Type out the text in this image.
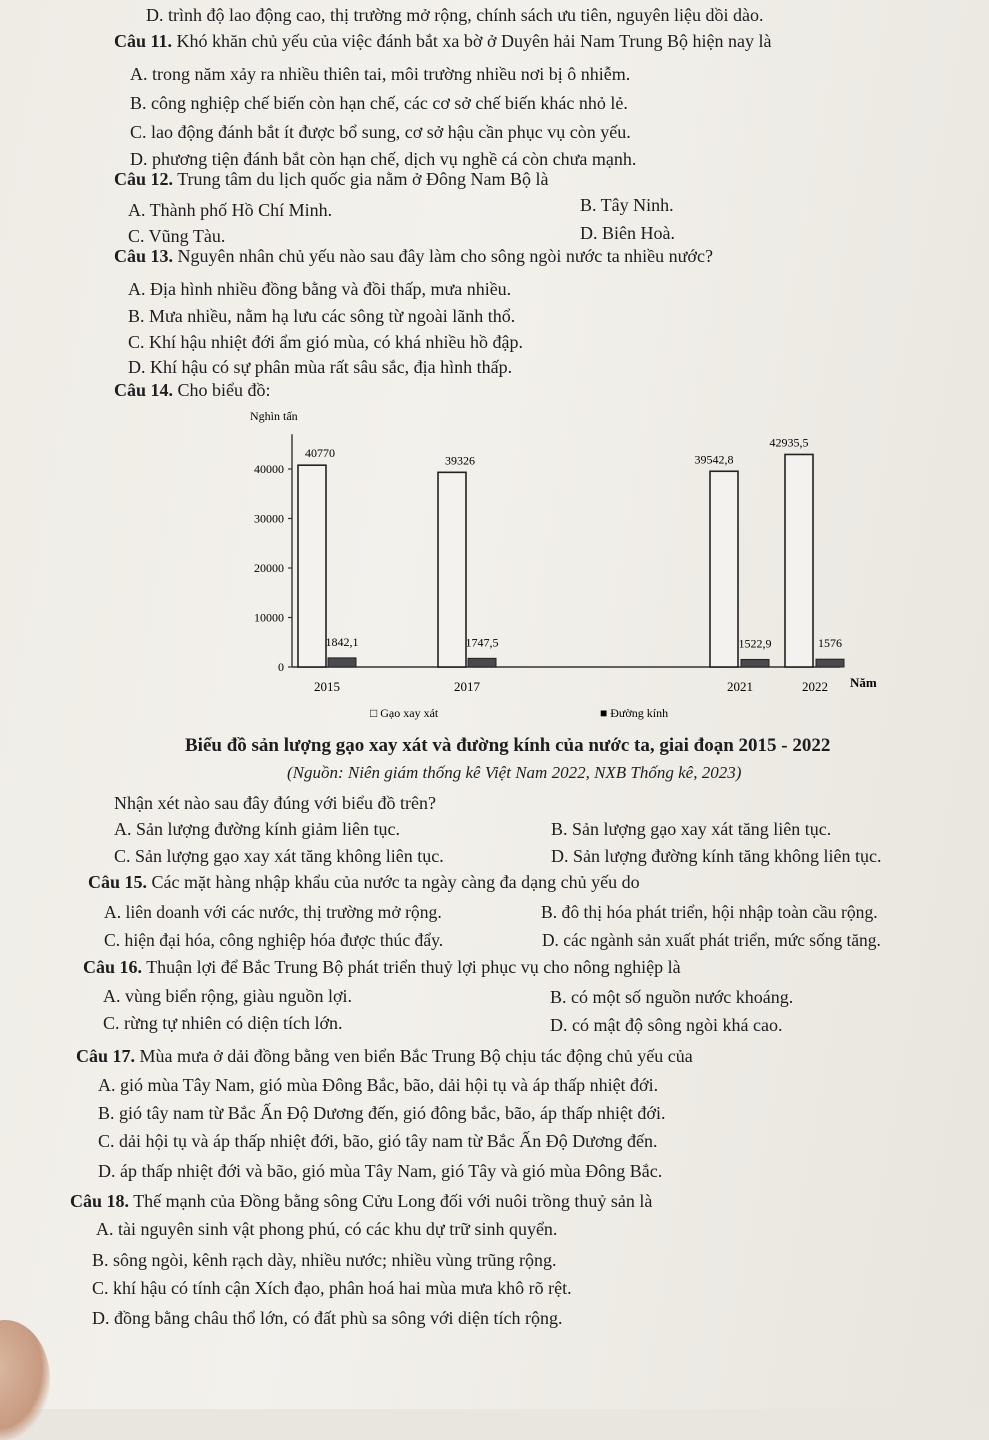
D. trình độ lao động cao, thị trường mở rộng, chính sách ưu tiên, nguyên liệu dồi dào.
Câu 11. Khó khăn chủ yếu của việc đánh bắt xa bờ ở Duyên hải Nam Trung Bộ hiện nay là
A. trong năm xảy ra nhiều thiên tai, môi trường nhiều nơi bị ô nhiễm.
B. công nghiệp chế biến còn hạn chế, các cơ sở chế biến khác nhỏ lẻ.
C. lao động đánh bắt ít được bổ sung, cơ sở hậu cần phục vụ còn yếu.
D. phương tiện đánh bắt còn hạn chế, dịch vụ nghề cá còn chưa mạnh.
Câu 12. Trung tâm du lịch quốc gia nằm ở Đông Nam Bộ là
A. Thành phố Hồ Chí Minh.	B. Tây Ninh.
C. Vũng Tàu.	D. Biên Hoà.
Câu 13. Nguyên nhân chủ yếu nào sau đây làm cho sông ngòi nước ta nhiều nước?
A. Địa hình nhiều đồng bằng và đồi thấp, mưa nhiều.
B. Mưa nhiều, nằm hạ lưu các sông từ ngoài lãnh thổ.
C. Khí hậu nhiệt đới ẩm gió mùa, có khá nhiều hồ đập.
D. Khí hậu có sự phân mùa rất sâu sắc, địa hình thấp.
Câu 14. Cho biểu đồ:
0
10000
20000
30000
40000
Nghìn tấn
40770
1842,1
2015
39326
1747,5
2017
39542,8
1522,9
2021
42935,5
1576
2022 Năm
□ Gạo xay xát	■ Đường kính
Biểu đồ sản lượng gạo xay xát và đường kính của nước ta, giai đoạn 2015 - 2022
(Nguồn: Niên giám thống kê Việt Nam 2022, NXB Thống kê, 2023)
Nhận xét nào sau đây đúng với biểu đồ trên?
A. Sản lượng đường kính giảm liên tục.	B. Sản lượng gạo xay xát tăng liên tục.
C. Sản lượng gạo xay xát tăng không liên tục.	D. Sản lượng đường kính tăng không liên tục.
Câu 15. Các mặt hàng nhập khẩu của nước ta ngày càng đa dạng chủ yếu do
A. liên doanh với các nước, thị trường mở rộng.	B. đô thị hóa phát triển, hội nhập toàn cầu rộng.
C. hiện đại hóa, công nghiệp hóa được thúc đẩy.	D. các ngành sản xuất phát triển, mức sống tăng.
Câu 16. Thuận lợi để Bắc Trung Bộ phát triển thuỷ lợi phục vụ cho nông nghiệp là
A. vùng biển rộng, giàu nguồn lợi.	B. có một số nguồn nước khoáng.
C. rừng tự nhiên có diện tích lớn.	D. có mật độ sông ngòi khá cao.
Câu 17. Mùa mưa ở dải đồng bằng ven biển Bắc Trung Bộ chịu tác động chủ yếu của
A. gió mùa Tây Nam, gió mùa Đông Bắc, bão, dải hội tụ và áp thấp nhiệt đới.
B. gió tây nam từ Bắc Ấn Độ Dương đến, gió đông bắc, bão, áp thấp nhiệt đới.
C. dải hội tụ và áp thấp nhiệt đới, bão, gió tây nam từ Bắc Ấn Độ Dương đến.
D. áp thấp nhiệt đới và bão, gió mùa Tây Nam, gió Tây và gió mùa Đông Bắc.
Câu 18. Thế mạnh của Đồng bằng sông Cửu Long đối với nuôi trồng thuỷ sản là
A. tài nguyên sinh vật phong phú, có các khu dự trữ sinh quyển.
B. sông ngòi, kênh rạch dày, nhiều nước; nhiều vùng trũng rộng.
C. khí hậu có tính cận Xích đạo, phân hoá hai mùa mưa khô rõ rệt.
D. đồng bằng châu thổ lớn, có đất phù sa sông với diện tích rộng.
